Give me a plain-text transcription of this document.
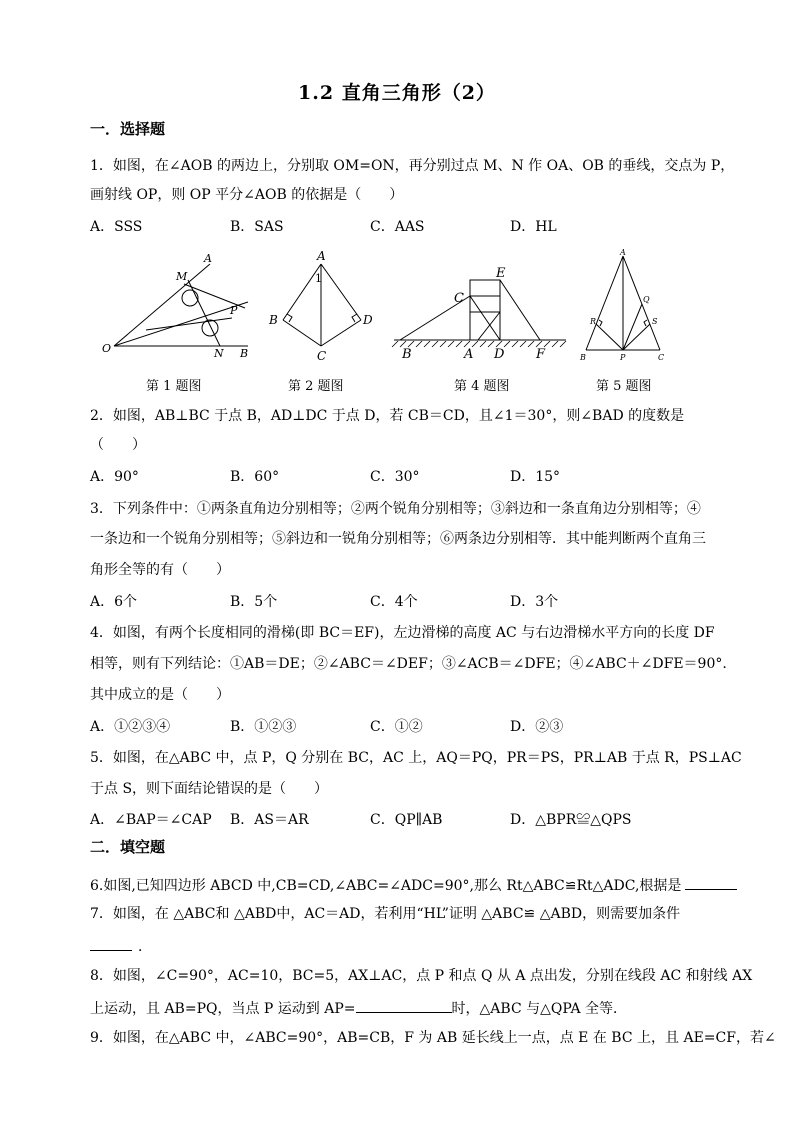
1.2 直角三角形（2）
一．选择题
1．如图，在∠AOB 的两边上，分别取 OM=ON，再分别过点 M、N 作 OA、OB 的垂线，交点为 P，
画射线 OP，则 OP 平分∠AOB 的依据是（　　）
A．SSS	B．SAS	C．AAS	D．HL
A
M
P
O	N B
A
1
B	D
C
E
C
B	A D F
A
Q
R	S
B	P	C
第 1 题图	第 2 题图	第 4 题图	第 5 题图
2．如图，AB⊥BC 于点 B，AD⊥DC 于点 D，若 CB＝CD，且∠1＝30°，则∠BAD 的度数是
（　　）
A．90°	B．60°	C．30°	D．15°
3．下列条件中：①两条直角边分别相等；②两个锐角分别相等；③斜边和一条直角边分别相等；④
一条边和一个锐角分别相等；⑤斜边和一锐角分别相等；⑥两条边分别相等．其中能判断两个直角三
角形全等的有（　　）
A．6个	B．5个	C．4个	D．3个
4．如图，有两个长度相同的滑梯(即 BC＝EF)，左边滑梯的高度 AC 与右边滑梯水平方向的长度 DF
相等，则有下列结论：①AB＝DE；②∠ABC＝∠DEF；③∠ACB＝∠DFE；④∠ABC＋∠DFE＝90°.
其中成立的是（　　）
A．①②③④	B．①②③	C．①②	D．②③
5．如图，在△ABC 中，点 P，Q 分别在 BC，AC 上，AQ＝PQ，PR＝PS，PR⊥AB 于点 R，PS⊥AC
于点 S，则下面结论错误的是（　　）
A．∠BAP＝∠CAP B．AS＝AR	C．QP∥AB	D．△BPR≌△QPS
二．填空题
6.如图,已知四边形 ABCD 中,CB=CD,∠ABC=∠ADC=90°,那么 Rt△ABC≌Rt△ADC,根据是
7．如图，在 △ABC和 △ABD中，AC＝AD，若利用“HL”证明 △ABC≌ △ABD，则需要加条件
．
8．如图，∠C=90°，AC=10，BC=5，AX⊥AC，点 P 和点 Q 从 A 点出发，分别在线段 AC 和射线 AX
上运动，且 AB=PQ，当点 P 运动到 AP=	时，△ABC 与△QPA 全等．
9．如图，在△ABC 中，∠ABC=90°，AB=CB，F 为 AB 延长线上一点，点 E 在 BC 上，且 AE=CF，若∠
